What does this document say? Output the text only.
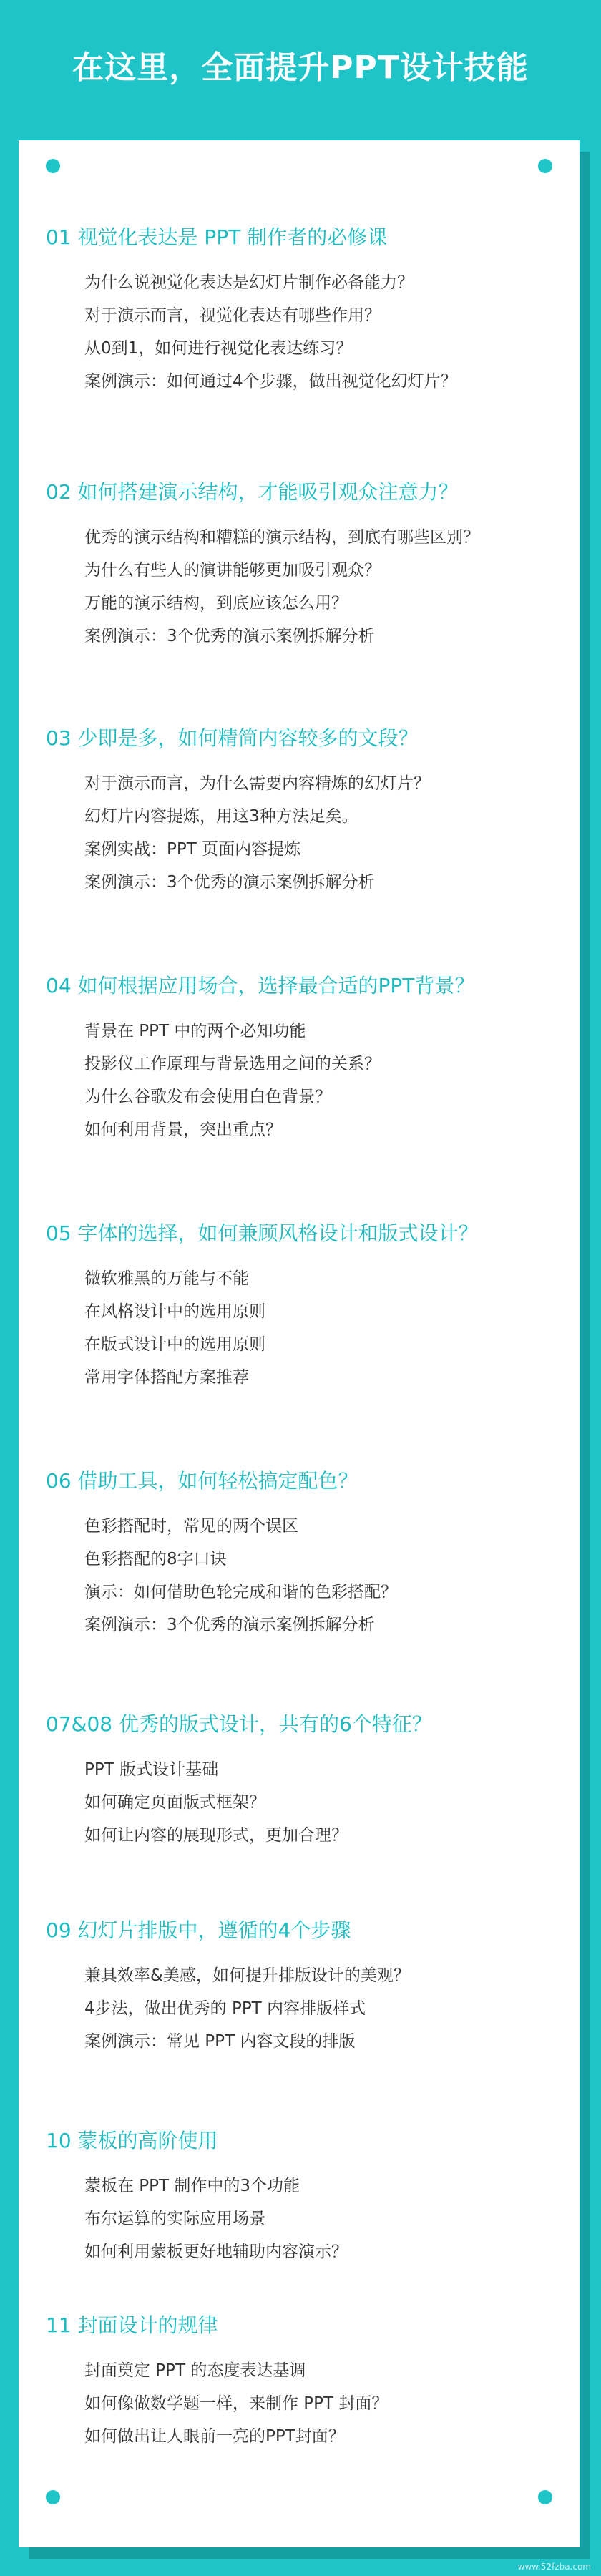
在这里，全面提升PPT设计技能
01 视觉化表达是 PPT 制作者的必修课
为什么说视觉化表达是幻灯片制作必备能力？
对于演示而言，视觉化表达有哪些作用？
从0到1，如何进行视觉化表达练习？
案例演示：如何通过4个步骤，做出视觉化幻灯片？
02 如何搭建演示结构，才能吸引观众注意力？
优秀的演示结构和糟糕的演示结构，到底有哪些区别？
为什么有些人的演讲能够更加吸引观众？
万能的演示结构，到底应该怎么用？
案例演示：3个优秀的演示案例拆解分析
03 少即是多，如何精简内容较多的文段？
对于演示而言，为什么需要内容精炼的幻灯片？
幻灯片内容提炼，用这3种方法足矣。
案例实战：PPT 页面内容提炼
案例演示：3个优秀的演示案例拆解分析
04 如何根据应用场合，选择最合适的PPT背景？
背景在 PPT 中的两个必知功能
投影仪工作原理与背景选用之间的关系？
为什么谷歌发布会使用白色背景？
如何利用背景，突出重点？
05 字体的选择，如何兼顾风格设计和版式设计？
微软雅黑的万能与不能
在风格设计中的选用原则
在版式设计中的选用原则
常用字体搭配方案推荐
06 借助工具，如何轻松搞定配色？
色彩搭配时，常见的两个误区
色彩搭配的8字口诀
演示：如何借助色轮完成和谐的色彩搭配？
案例演示：3个优秀的演示案例拆解分析
07&08 优秀的版式设计，共有的6个特征？
PPT 版式设计基础
如何确定页面版式框架？
如何让内容的展现形式，更加合理？
09 幻灯片排版中，遵循的4个步骤
兼具效率&美感，如何提升排版设计的美观？
4步法，做出优秀的 PPT 内容排版样式
案例演示：常见 PPT 内容文段的排版
10 蒙板的高阶使用
蒙板在 PPT 制作中的3个功能
布尔运算的实际应用场景
如何利用蒙板更好地辅助内容演示？
11 封面设计的规律
封面奠定 PPT 的态度表达基调
如何像做数学题一样，来制作 PPT 封面？
如何做出让人眼前一亮的PPT封面？
www.52fzba.com
